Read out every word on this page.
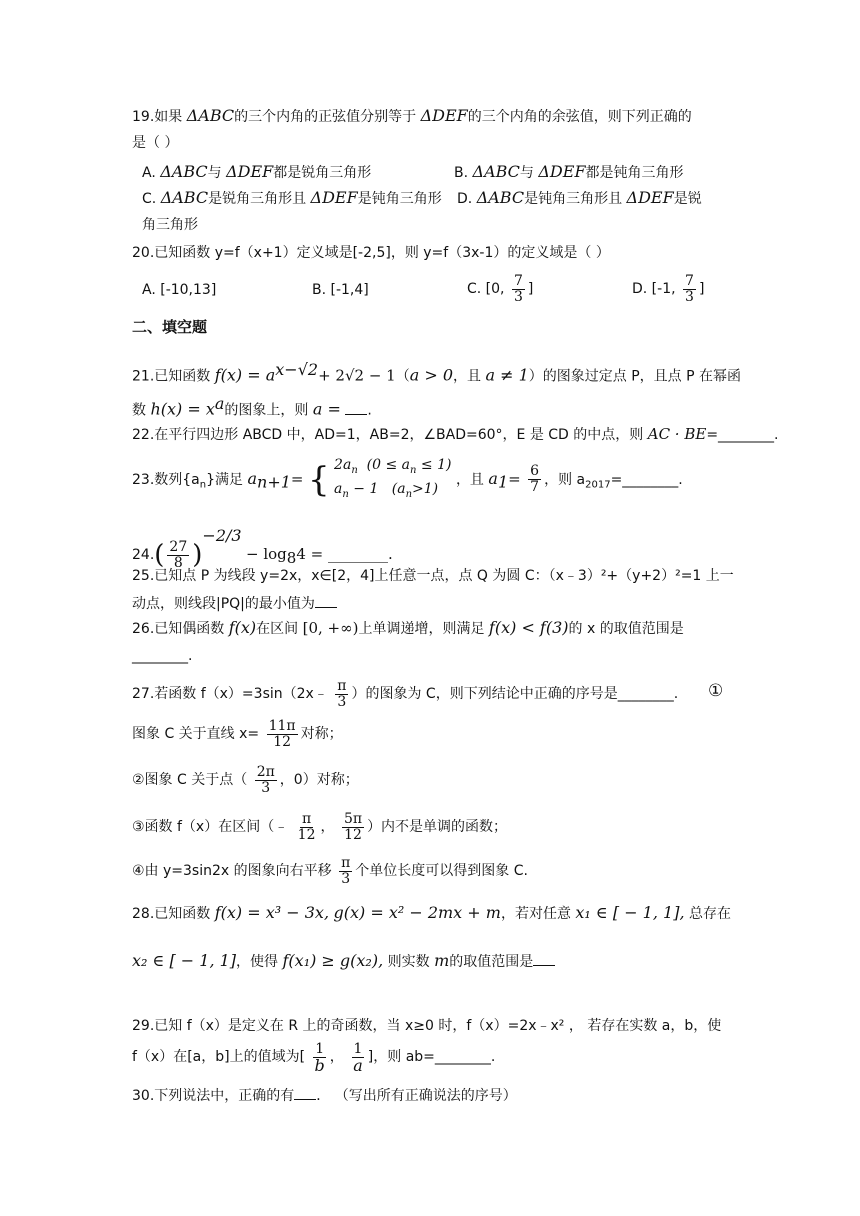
19.如果 ΔABC的三个内角的正弦值分别等于 ΔDEF的三个内角的余弦值，则下列正确的
是（ ）
A. ΔABC与 ΔDEF都是锐角三角形	B. ΔABC与 ΔDEF都是钝角三角形
C. ΔABC是锐角三角形且 ΔDEF是钝角三角形 D. ΔABC是钝角三角形且 ΔDEF是锐
角三角形
20.已知函数 y=f（x+1）定义域是[-2,5]，则 y=f（3x-1）的定义域是（ ）
A. [-10,13]	B. [-1,4]	C. [0, $\frac{7}{3}$ ]	D. [-1, $\frac{7}{3}$ ]
二、填空题
21.已知函数 $f(x) = a^{x-√2}+ 2√2 - 1(a > 0$，且 a ≠ 1）的图象过定点 P，且点 P 在幂函
数 $h(x) = x^a$的图象上，则 a = .
22.在平行四边形 ABCD 中，AD=1，AB=2，∠BAD=60°，E 是 CD 的中点，则 AC · BE=________.
23.数列$\{a_n\}$满足 $a_{n+1}=$ { $2a_n$ $(0 \le a_n \le 1)$
$a_n - 1$ $(a_n>1)$
，且 $a_1= \frac{6}{7}$ ，则 $a_{2017}=\_\_\_\_\_\_\_\_$.
$24.( \frac{27}{8} )^{-2/3} - \log_84$ = ________.
25.已知点 P 为线段 y=2x，x∈[2，4]上任意一点，点 Q 为圆 C：（x﹣3）²+（y+2）²=1 上一
动点，则线段|PQ|的最小值为
26.已知偶函数 f(x)在区间 [0, +∞)上单调递增，则满足 f(x) < f(3)的 x 的取值范围是
________.
27.若函数 f（x）=3sin（2x﹣ $\frac{\pi}{3}$ ）的图象为 C，则下列结论中正确的序号是________. ①
图象 C 关于直线 $x= \frac{11\pi}{12}$ 对称；
②图象 C 关于点（ $\frac{2\pi}{3}$ ，0）对称；
③函数 f（x）在区间（﹣ $\frac{\pi}{12}$ ， $\frac{5\pi}{12}$ ）内不是单调的函数；
④由 y=3sin2x 的图象向右平移 $\frac{\pi}{3}$ 个单位长度可以得到图象 C.
28.已知函数 f(x) = x³ − 3x, g(x) = x² − 2mx + m，若对任意 x₁ ∈ [ − 1, 1], 总存在
x₂ ∈ [ − 1, 1]，使得 f(x₁) ≥ g(x₂), 则实数 m的取值范围是
29.已知 f（x）是定义在 R 上的奇函数，当 x≥0 时，f（x）=2x﹣x² ， 若存在实数 a，b，使
f（x）在[a，b]上的值域为[ $\frac{1}{b}$ ， $\frac{1}{a}$ ]，则 ab=________.
30.下列说法中，正确的有 ． （写出所有正确说法的序号）
